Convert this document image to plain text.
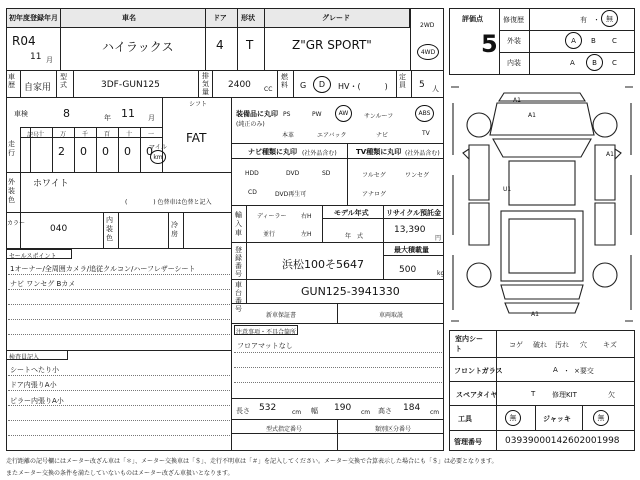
初年度登録年月	車名	ドア 形状	グレード
R04
11 月
ハイラックス	4 T	Z"GR SPORT"
2WD
4WD
車歴 自家用
型式	3DF-GUN125
排気量
2400 CC
燃料 G	D	HV・(　　　)
定員 5 人
車検	8	年 11 月
シフト
FAT
走行
記号
マイル
km
十
2
万
0
千
0
百
0
十
0
一
外装色
ホワイト
( 　　　　) 色替車は色替と記入
カラー
040
内装色
冷房
セールスポイント
1オーナー/全周囲カメラ/追従クルコン/ハーフレザーシート
ナビ ワンセグ Bカメ
検査員記入
シートへたり小
ドア内張りA小
ピラー内張りA小
装備品に丸印
(純正のみ)
PS	PW	AW	サンルーフ	ABS
本革	エアバック	ナビ	TV
ナビ種類に丸印 (社外品含む)	TV種類に丸印 (社外品含む)
HDD	DVD	SD
CD	DVD再生可
フルセグ	ワンセグ
アナログ
輸入車
ディーラー
並行
右H
左H
モデル年式
年　式
リサイクル預託金
13,390
円
登録番号
浜松100そ5647
最大積載量
500	kg
車台番号
GUN125-3941330
新車保証書	車両取説
注意事項・不具合箇所
フロアマットなし
長さ 532	cm 幅 190 cm 高さ 184 cm
型式指定番号	類別区分番号
評価点
5
修復歴	有 ・ 無
外装	A	B C
内装	A	B	C
A1
A1
A1
U1
A1
室内シート	コゲ 破れ 汚れ 穴 キズ
フロントガラス	A ・ ×要交
スペアタイヤ	T 修理KIT	欠
工具	無	ジャッキ	無
管理番号	03939000142602001998
走行距離の記号欄にはメーター改ざん車は「＊」、メーター交換車は「＄」、走行不明車は「＃」を記入してください。メーター交換で合算表示した場合にも「＄」は必要となります。
またメーター交換の条件を満たしていないものはメーター改ざん車扱いとなります。
